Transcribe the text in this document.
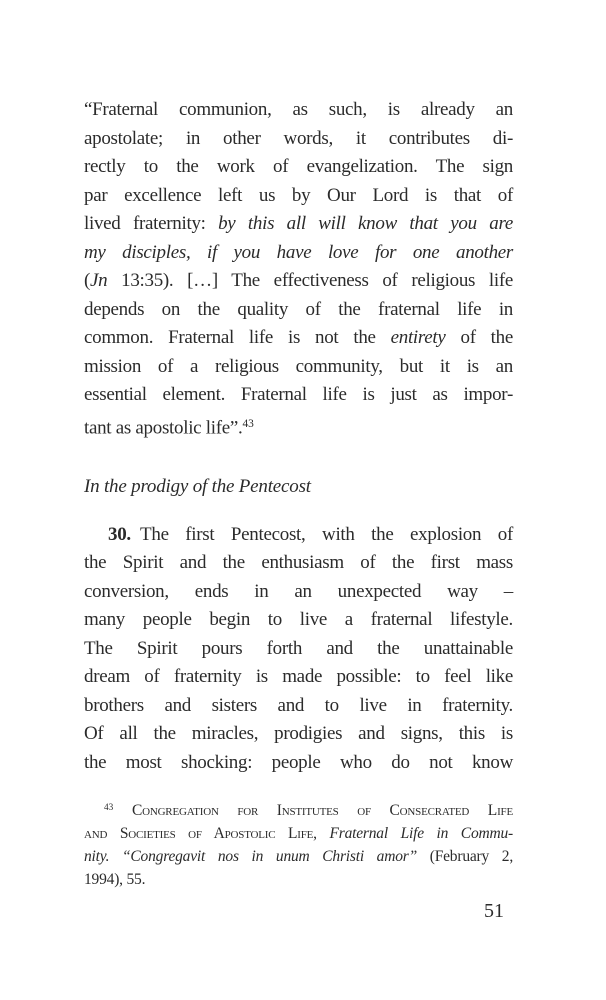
“Fraternal communion, as such, is already an
apostolate; in other words, it contributes di-
rectly to the work of evangelization. The sign
par excellence left us by Our Lord is that of
lived fraternity: by this all will know that you are
my disciples, if you have love for one another
(Jn 13:35). […] The effectiveness of religious life
depends on the quality of the fraternal life in
common. Fraternal life is not the entirety of the
mission of a religious community, but it is an
essential element. Fraternal life is just as impor-
tant as apostolic life”.$^{43}$
In the prodigy of the Pentecost
30. The first Pentecost, with the explosion of
the Spirit and the enthusiasm of the first mass
conversion, ends in an unexpected way –
many people begin to live a fraternal lifestyle.
The Spirit pours forth and the unattainable
dream of fraternity is made possible: to feel like
brothers and sisters and to live in fraternity.
Of all the miracles, prodigies and signs, this is
the most shocking: people who do not know
$^{43}$ Congregation for Institutes of Consecrated Life
and Societies of Apostolic Life, Fraternal Life in Commu-
nity. “Congregavit nos in unum Christi amor” (February 2,
1994), 55.
51
